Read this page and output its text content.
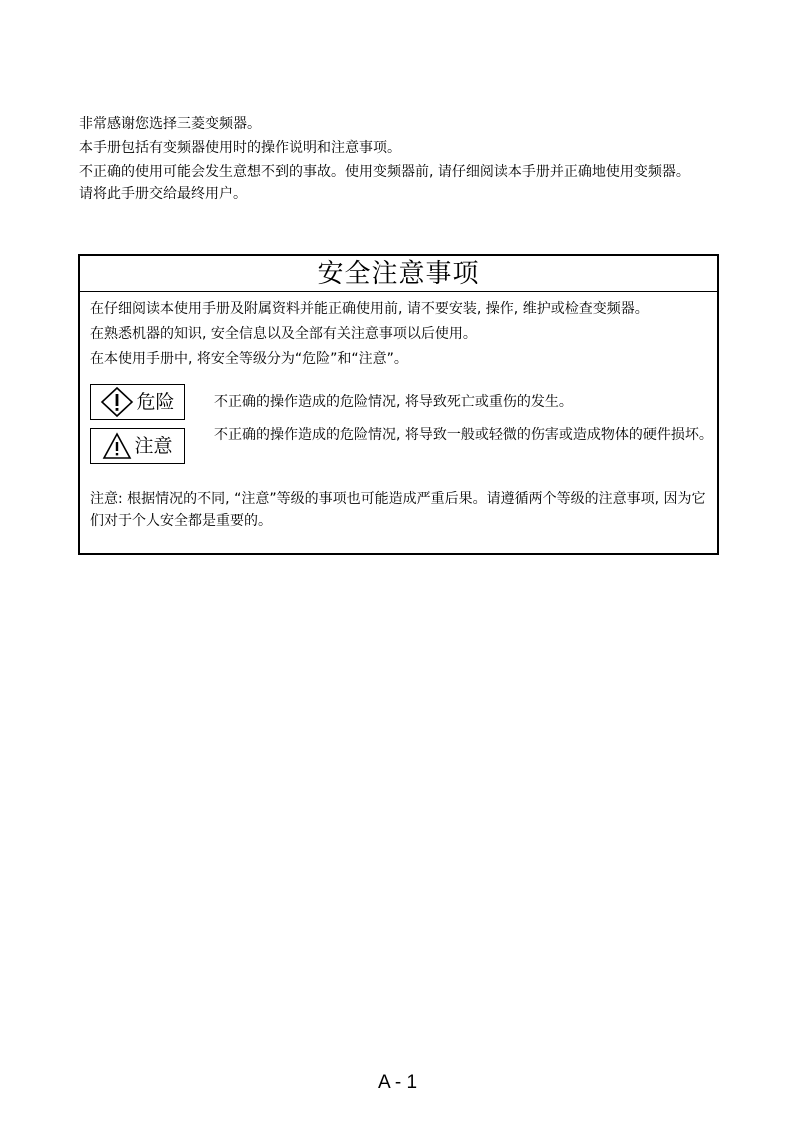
非常感谢您选择三菱变频器。

本手册包括有变频器使用时的操作说明和注意事项。

不正确的使用可能会发生意想不到的事故。使用变频器前, 请仔细阅读本手册并正确地使用变频器。

请将此手册交给最终用户。

安全注意事项

在仔细阅读本使用手册及附属资料并能正确使用前, 请不要安装, 操作, 维护或检查变频器。

在熟悉机器的知识, 安全信息以及全部有关注意事项以后使用。

在本使用手册中, 将安全等级分为“危险”和“注意”。

危险	不正确的操作造成的危险情况, 将导致死亡或重伤的发生。
注意	不正确的操作造成的危险情况, 将导致一般或轻微的伤害或造成物体的硬件损坏。

注意: 根据情况的不同, “注意”等级的事项也可能造成严重后果。请遵循两个等级的注意事项, 因为它们对于个人安全都是重要的。

A - 1
